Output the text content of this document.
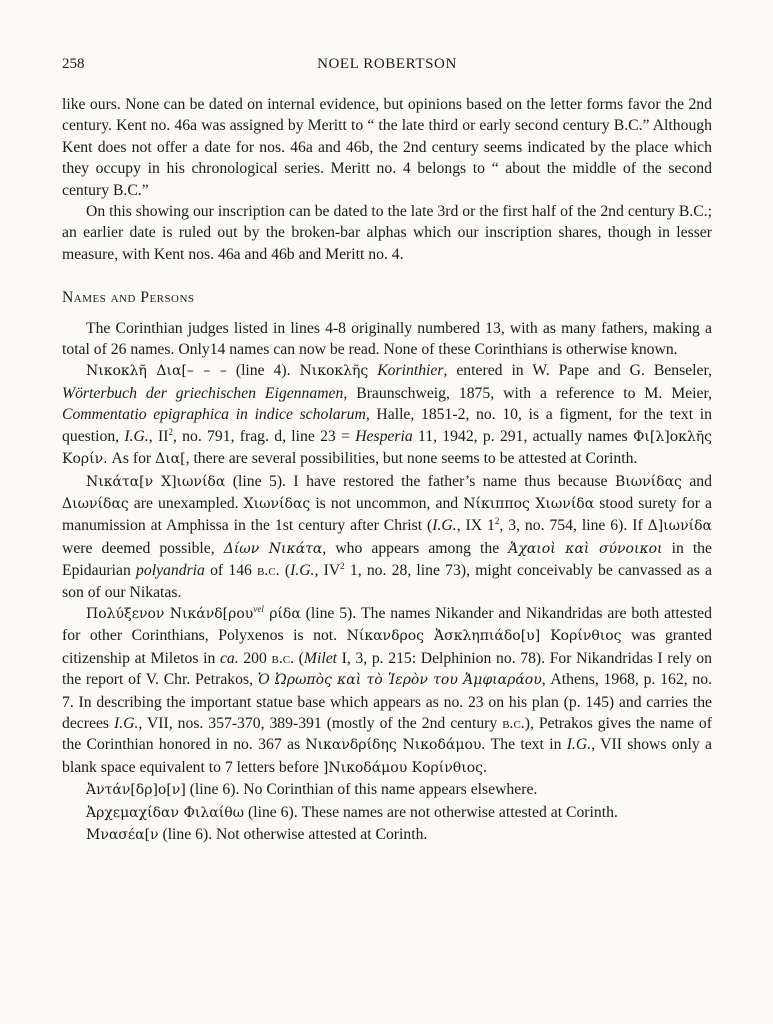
258	NOEL ROBERTSON

like ours. None can be dated on internal evidence, but opinions based on the letter forms favor the 2nd century. Kent no. 46a was assigned by Meritt to “ the late third or early second century B.C.” Although Kent does not offer a date for nos. 46a and 46b, the 2nd century seems indicated by the place which they occupy in his chronological series. Meritt no. 4 belongs to “ about the middle of the second century B.C.”

On this showing our inscription can be dated to the late 3rd or the first half of the 2nd century B.C.; an earlier date is ruled out by the broken-bar alphas which our inscription shares, though in lesser measure, with Kent nos. 46a and 46b and Meritt no. 4.

Names and Persons

The Corinthian judges listed in lines 4-8 originally numbered 13, with as many fathers, making a total of 26 names. Only14 names can now be read. None of these Corinthians is otherwise known.

Νικοκλῆ Δια[– – – (line 4). Νικοκλῆς Korinthier, entered in W. Pape and G. Benseler, Wörterbuch der griechischen Eigennamen, Braunschweig, 1875, with a reference to M. Meier, Commentatio epigraphica in indice scholarum, Halle, 1851-2, no. 10, is a figment, for the text in question, I.G., $II^2$, no. 791, frag. d, line 23 = Hesperia 11, 1942, p. 291, actually names Φι[λ]οκλῆς Κορίν. As for Δια[, there are several possibilities, but none seems to be attested at Corinth.

Νικάτα[ν Χ]ιωνίδα (line 5). I have restored the father’s name thus because Βιωνίδας and Διωνίδας are unexampled. Χιωνίδας is not uncommon, and Νίκιππος Χιωνίδα stood surety for a manumission at Amphissa in the 1st century after Christ (I.G., IX $1^2$, 3, no. 754, line 6). If Δ]ιωνίδα were deemed possible, Δίων Νικάτα, who appears among the Ἀχαιοὶ καὶ σύνοικοι in the Epidaurian polyandria of 146 b.c. (I.G., $IV^2$ 1, no. 28, line 73), might conceivably be canvassed as a son of our Nikatas.

Πολύξενον Νικάνδ[ρου$^{vel}$ ρίδα (line 5). The names Nikander and Nikandridas are both attested for other Corinthians, Polyxenos is not. Νίκανδρος Ἀσκληπιάδο[υ] Κορίνθιος was granted citizenship at Miletos in ca. 200 b.c. (Milet I, 3, p. 215: Delphinion no. 78). For Nikandridas I rely on the report of V. Chr. Petrakos, Ὁ Ὠρωπὸς καὶ τὸ Ἱερὸν του Ἀμφιαράου, Athens, 1968, p. 162, no. 7. In describing the important statue base which appears as no. 23 on his plan (p. 145) and carries the decrees I.G., VII, nos. 357-370, 389-391 (mostly of the 2nd century b.c.), Petrakos gives the name of the Corinthian honored in no. 367 as Νικανδρίδης Νικοδάμου. The text in I.G., VII shows only a blank space equivalent to 7 letters before ]Νικοδάμου Κορίνθιος.

Ἀντάν[δρ]ο[ν] (line 6). No Corinthian of this name appears elsewhere.

Ἀρχεμαχίδαν Φιλαίθω (line 6). These names are not otherwise attested at Corinth.

Μνασέα[ν (line 6). Not otherwise attested at Corinth.
